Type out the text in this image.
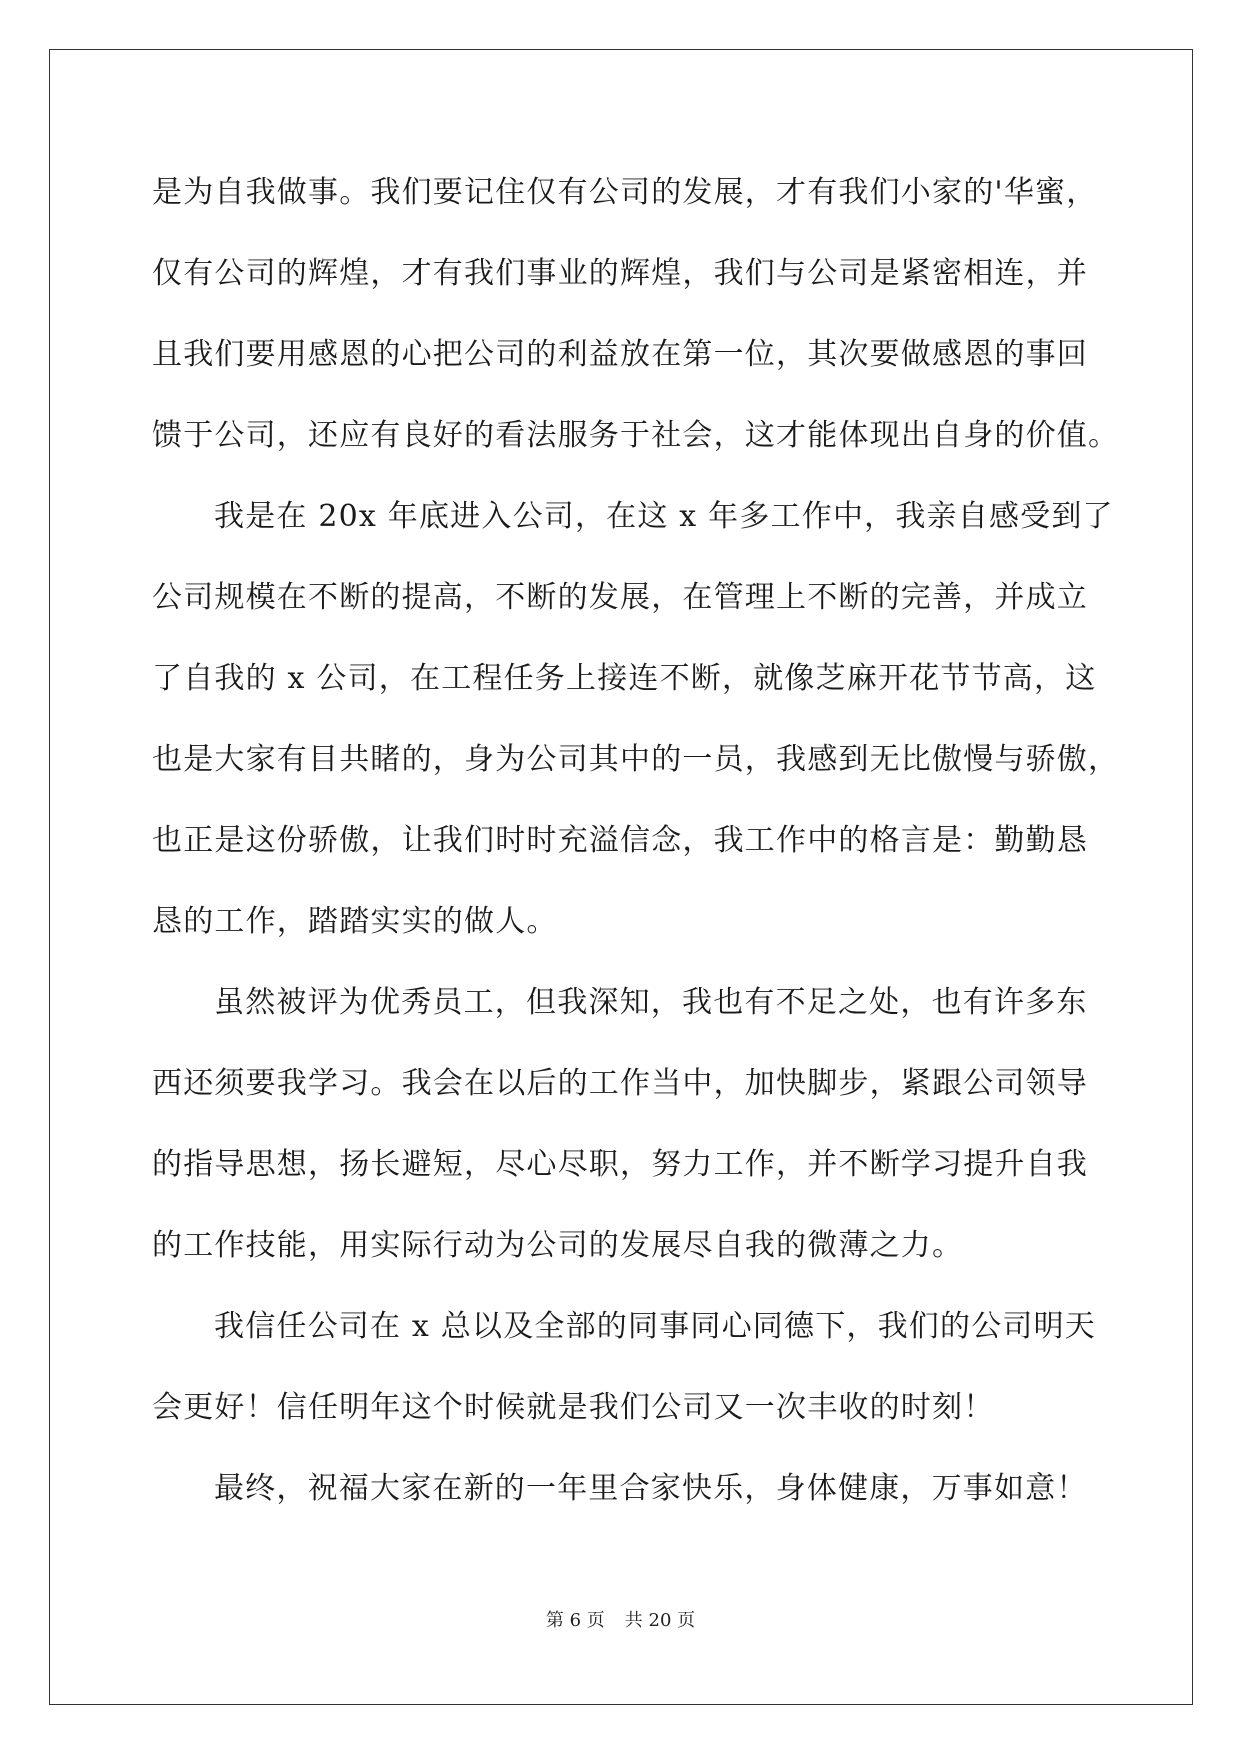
是为自我做事。我们要记住仅有公司的发展，才有我们小家的'华蜜，
仅有公司的辉煌，才有我们事业的辉煌，我们与公司是紧密相连，并
且我们要用感恩的心把公司的利益放在第一位，其次要做感恩的事回
馈于公司，还应有良好的看法服务于社会，这才能体现出自身的价值。
我是在 20x 年底进入公司，在这 x 年多工作中，我亲自感受到了
公司规模在不断的提高，不断的发展，在管理上不断的完善，并成立
了自我的 x 公司，在工程任务上接连不断，就像芝麻开花节节高，这
也是大家有目共睹的，身为公司其中的一员，我感到无比傲慢与骄傲，
也正是这份骄傲，让我们时时充溢信念，我工作中的格言是：勤勤恳
恳的工作，踏踏实实的做人。
虽然被评为优秀员工，但我深知，我也有不足之处，也有许多东
西还须要我学习。我会在以后的工作当中，加快脚步，紧跟公司领导
的指导思想，扬长避短，尽心尽职，努力工作，并不断学习提升自我
的工作技能，用实际行动为公司的发展尽自我的微薄之力。
我信任公司在 x 总以及全部的同事同心同德下，我们的公司明天
会更好！信任明年这个时候就是我们公司又一次丰收的时刻！
最终，祝福大家在新的一年里合家快乐，身体健康，万事如意！
第 6 页 共 20 页
